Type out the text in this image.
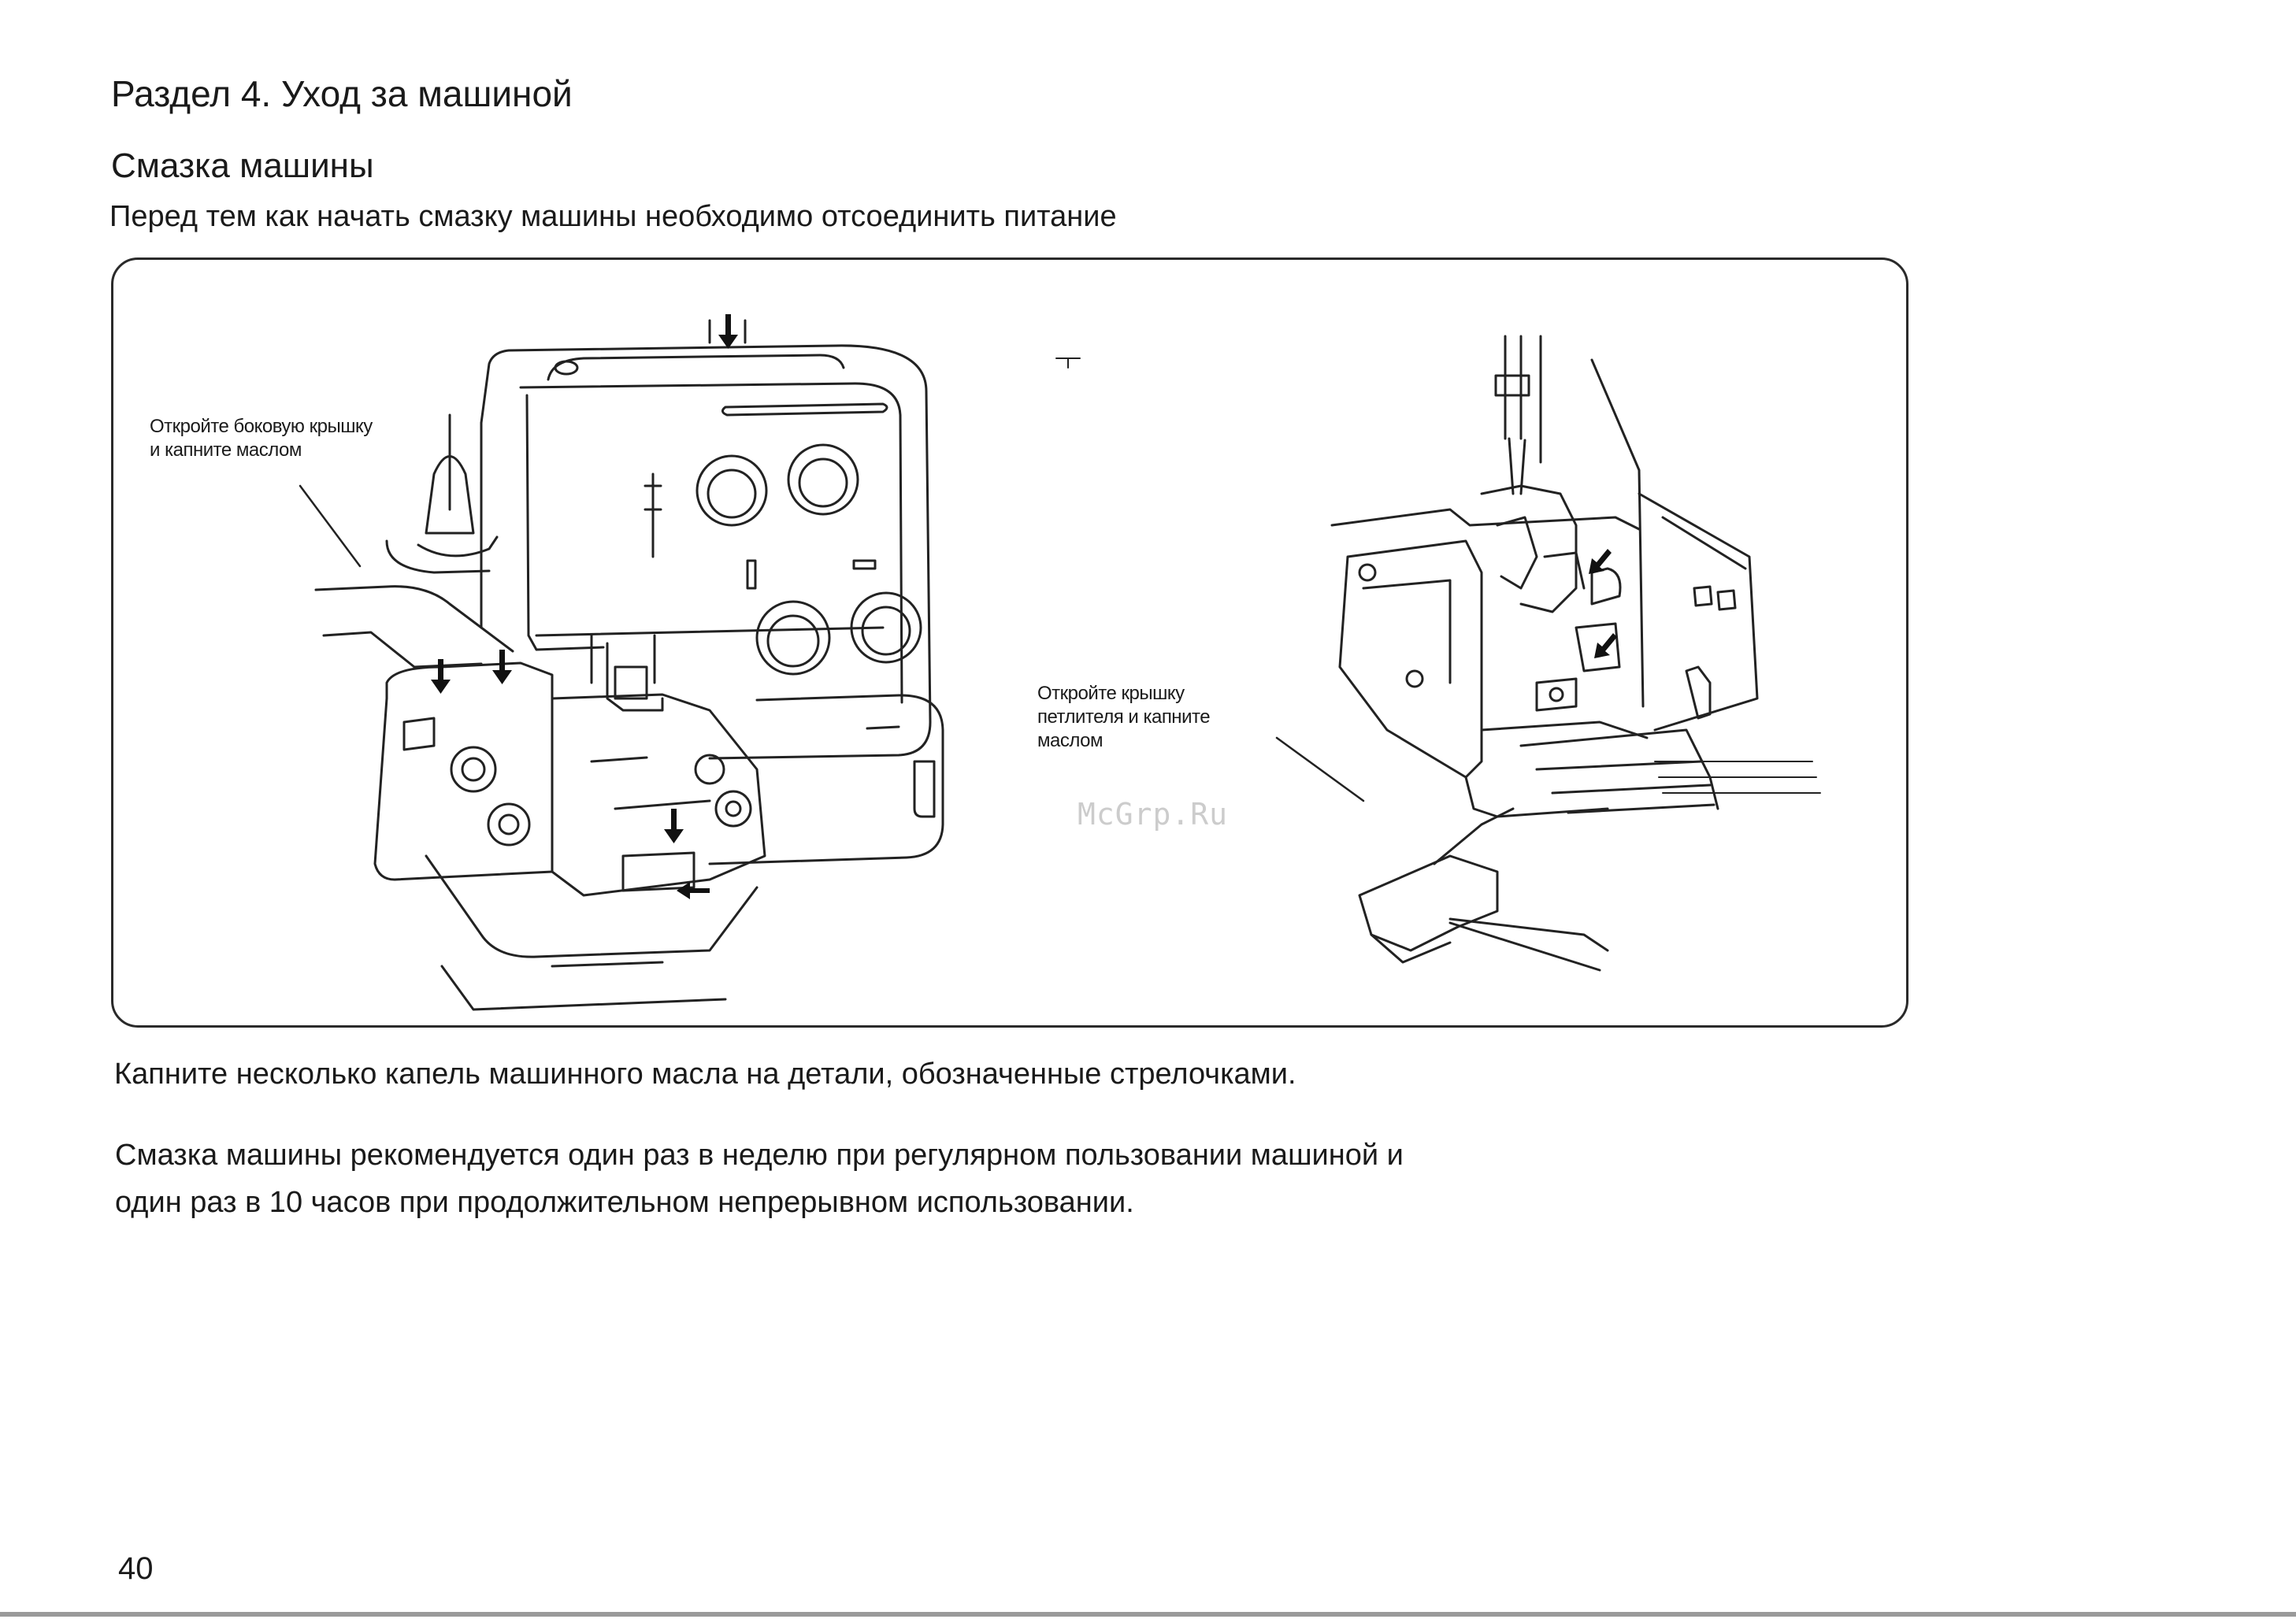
Раздел 4. Уход за машиной
Смазка машины
Перед тем как начать смазку машины необходимо отсоединить питание
Откройте боковую крышку
и капните маслом
Откройте крышку
петлителя и капните
маслом
McGrp.Ru
Капните несколько капель машинного масла на детали, обозначенные стрелочками.
Смазка машины рекомендуется один раз в неделю при регулярном пользовании машиной и
один раз в 10 часов при продолжительном непрерывном использовании.
40
